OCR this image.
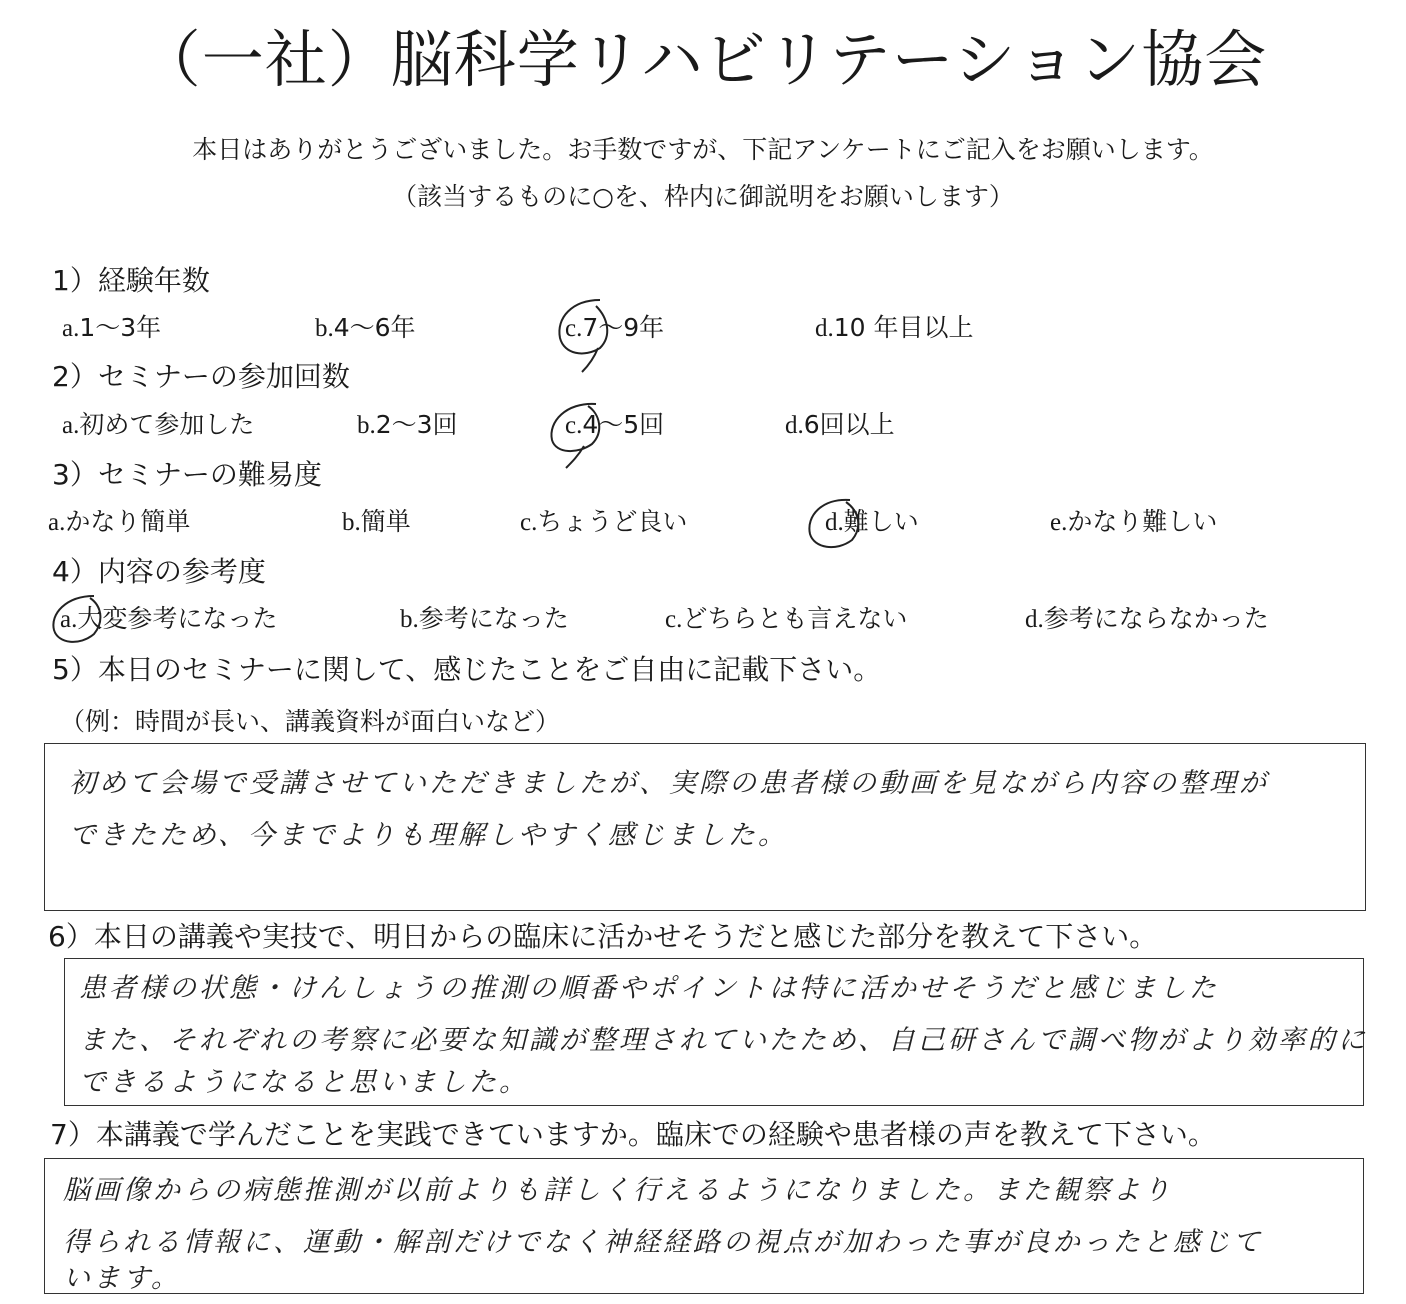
（一社）脳科学リハビリテーション協会
本日はありがとうございました。お手数ですが、下記アンケートにご記入をお願いします。
（該当するものに○を、枠内に御説明をお願いします）
1）経験年数
a.1～3年	b.4～6年	c.7～9年	d.10 年目以上
2）セミナーの参加回数
a.初めて参加した	b.2～3回	c.4～5回	d.6回以上
3）セミナーの難易度
a.かなり簡単	b.簡単	c.ちょうど良い	d.難しい	e.かなり難しい
4）内容の参考度
a.大変参考になった	b.参考になった	c.どちらとも言えない	d.参考にならなかった
5）本日のセミナーに関して、感じたことをご自由に記載下さい。
（例：時間が長い、講義資料が面白いなど）
初めて会場で受講させていただきましたが、実際の患者様の動画を見ながら内容の整理が
できたため、今までよりも理解しやすく感じました。
6）本日の講義や実技で、明日からの臨床に活かせそうだと感じた部分を教えて下さい。
患者様の状態・けんしょうの推測の順番やポイントは特に活かせそうだと感じました
また、それぞれの考察に必要な知識が整理されていたため、自己研さんで調べ物がより効率的に
できるようになると思いました。
7）本講義で学んだことを実践できていますか。臨床での経験や患者様の声を教えて下さい。
脳画像からの病態推測が以前よりも詳しく行えるようになりました。また観察より
得られる情報に、運動・解剖だけでなく神経経路の視点が加わった事が良かったと感じて
います。
